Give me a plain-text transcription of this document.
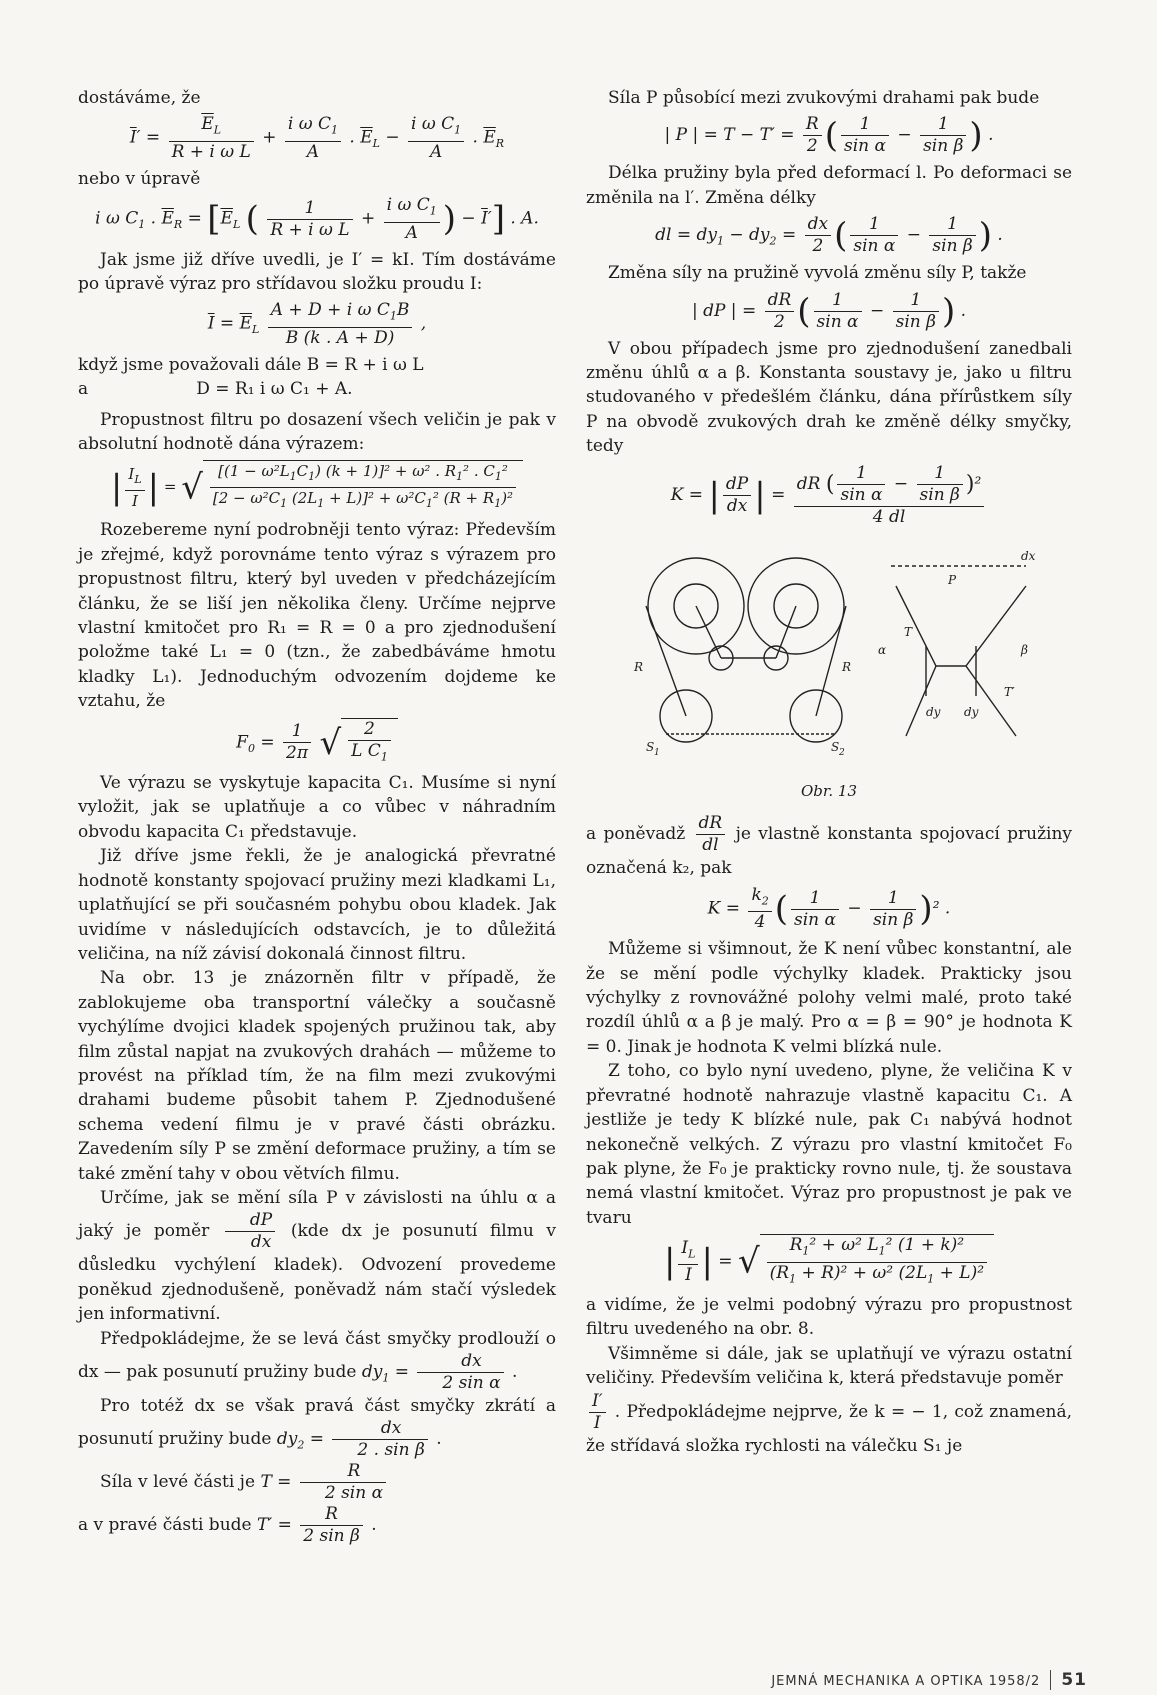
dostáváme, že

$\overline{I}' = \frac{\overline{E}_L}{\text{R + i ω L}} + \frac{i \omega C_1}{A}$ . $\overline{E}_L - \frac{i \omega C_1}{A}$ . $\overline{E}_R$

nebo v úpravě

i ω $C_1$ . $\overline{E}_R = [\overline{E}_L$ ( $\frac{1}{\text{R + i ω L}} + \frac{i \omega C_1}{A}$ ) − $\overline{I}'$] . A.

Jak jsme již dříve uvedli, je I′ = kI. Tím dostáváme po úpravě výraz pro střídavou složku proudu I:

$\overline{I} = \overline{E}_L \frac{A + D + i \omega C_1B}{B (k . A + D)}$ ,

když jsme považovali dále B = R + i ω L

a                    D = R₁ i ω C₁ + A.

Propustnost filtru po dosazení všech veličin je pak v absolutní hodnotě dána výrazem:

| $\frac{I_L}{I}$ | = √ $\frac{[(1 - \omega^2L_1C_1) (k + 1)]^2 + \omega^2 . R_1^2 . C_1^2}{[2 - \omega^2C_1 (2L_1 + L)]^2 + \omega^2C_1^2 (R + R_1)^2}$

Rozebereme nyní podrobněji tento výraz: Především je zřejmé, když porovnáme tento výraz s výrazem pro propustnost filtru, který byl uveden v předcházejícím článku, že se liší jen několika členy. Určíme nejprve vlastní kmitočet pro R₁ = R = 0 a pro zjednodušení položme také L₁ = 0 (tzn., že zabedbáváme hmotu kladky L₁). Jednoduchým odvozením dojdeme ke vztahu, že

$F_0 = \frac{1}{2\pi}$ √ $\frac{2}{L C_1}$

Ve výrazu se vyskytuje kapacita C₁. Musíme si nyní vyložit, jak se uplatňuje a co vůbec v náhradním obvodu kapacita C₁ představuje.

Již dříve jsme řekli, že je analogická převratné hodnotě konstanty spojovací pružiny mezi kladkami L₁, uplatňující se při současném pohybu obou kladek. Jak uvidíme v následujících odstavcích, je to důležitá veličina, na níž závisí dokonalá činnost filtru.

Na obr. 13 je znázorněn filtr v případě, že zablokujeme oba transportní válečky a současně vychýlíme dvojici kladek spojených pružinou tak, aby film zůstal napjat na zvukových drahách — můžeme to provést na příklad tím, že na film mezi zvukovými drahami budeme působit tahem P. Zjednodušené schema vedení filmu je v pravé části obrázku. Zavedením síly P se změní deformace pružiny, a tím se také změní tahy v obou větvích filmu.

Určíme, jak se mění síla P v závislosti na úhlu α a jaký je poměr $\frac{dP}{dx} (kde$ dx je posunutí filmu v důsledku vychýlení kladek). Odvození provedeme poněkud zjednodušeně, poněvadž nám stačí výsledek jen informativní.

Předpokládejme, že se levá část smyčky prodlouží o dx — pak posunutí pružiny bude $dy_1 = \frac{dx}{\text{2 sin α}}$ .

Pro totéž dx se však pravá část smyčky zkrátí a posunutí pružiny bude $dy_2 = \frac{dx}{\text{2 . sin β}}$ .

Síla v levé části je $T = \frac{R}{\text{2 sin α}}$

a v pravé části bude $T' = \frac{R}{\text{2 sin β}}$ .

Síla P působící mezi zvukovými drahami pak bude

| P | = $T - T' = \frac{R}{2}$ ( $\frac{1}{\text{sin α}} - \frac{1}{\text{sin β}}$ ) .

Délka pružiny byla před deformací l. Po deformaci se změnila na l′. Změna délky

dl = $dy_1 - dy_2 = \frac{dx}{2}$ ( $\frac{1}{\text{sin α}} - \frac{1}{\text{sin β}}$ ) .

Změna síly na pružině vyvolá změnu síly P, takže

| dP | = $\frac{dR}{2}$ ( $\frac{1}{\text{sin α}} - \frac{1}{\text{sin β}}$ ) .

V obou případech jsme pro zjednodušení zanedbali změnu úhlů α a β. Konstanta soustavy je, jako u filtru studovaného v předešlém článku, dána přírůstkem síly P na obvodě zvukových drah ke změně délky smyčky, tedy

K = | $\frac{dP}{dx}$ | = $\frac{dR ( \frac{1}{\text{sin α}} - \frac{1}{\text{sin β}} )^2}{4 dl}$
S 1	S 2
α	β
T
T′
P
dx
R	R
dy dy
Obr. 13

a poněvadž $\frac{dR}{dl}$ je vlastně konstanta spojovací pružiny označená k₂, pak

$K = \frac{k_2}{4}$ ( $\frac{1}{\text{sin α}} - \frac{1}{\text{sin β}} )^2$ .

Můžeme si všimnout, že K není vůbec konstantní, ale že se mění podle výchylky kladek. Prakticky jsou výchylky z rovnovážné polohy velmi malé, proto také rozdíl úhlů α a β je malý. Pro α = β = 90° je hodnota K = 0. Jinak je hodnota K velmi blízká nule.

Z toho, co bylo nyní uvedeno, plyne, že veličina K v převratné hodnotě nahrazuje vlastně kapacitu C₁. A jestliže je tedy K blízké nule, pak C₁ nabývá hodnot nekonečně velkých. Z výrazu pro vlastní kmitočet F₀ pak plyne, že F₀ je prakticky rovno nule, tj. že soustava nemá vlastní kmitočet. Výraz pro propustnost je pak ve tvaru

| $\frac{I_L}{I}$ | = √ $\frac{R_1^2 + \omega^2 L_1^2 (1 + k)^2}{(R_1 + R)^2 + \omega^2 (2L_1 + L)^2}$

a vidíme, že je velmi podobný výrazu pro propustnost filtru uvedeného na obr. 8.

Všimněme si dále, jak se uplatňují ve výrazu ostatní veličiny. Především veličina k, která představuje poměr

$\frac{I'}{I}$ . Předpokládejme nejprve, že k = − 1, což znamená, že střídavá složka rychlosti na válečku S₁ je

JEMNÁ MECHANIKA A OPTIKA 1958/2 51
